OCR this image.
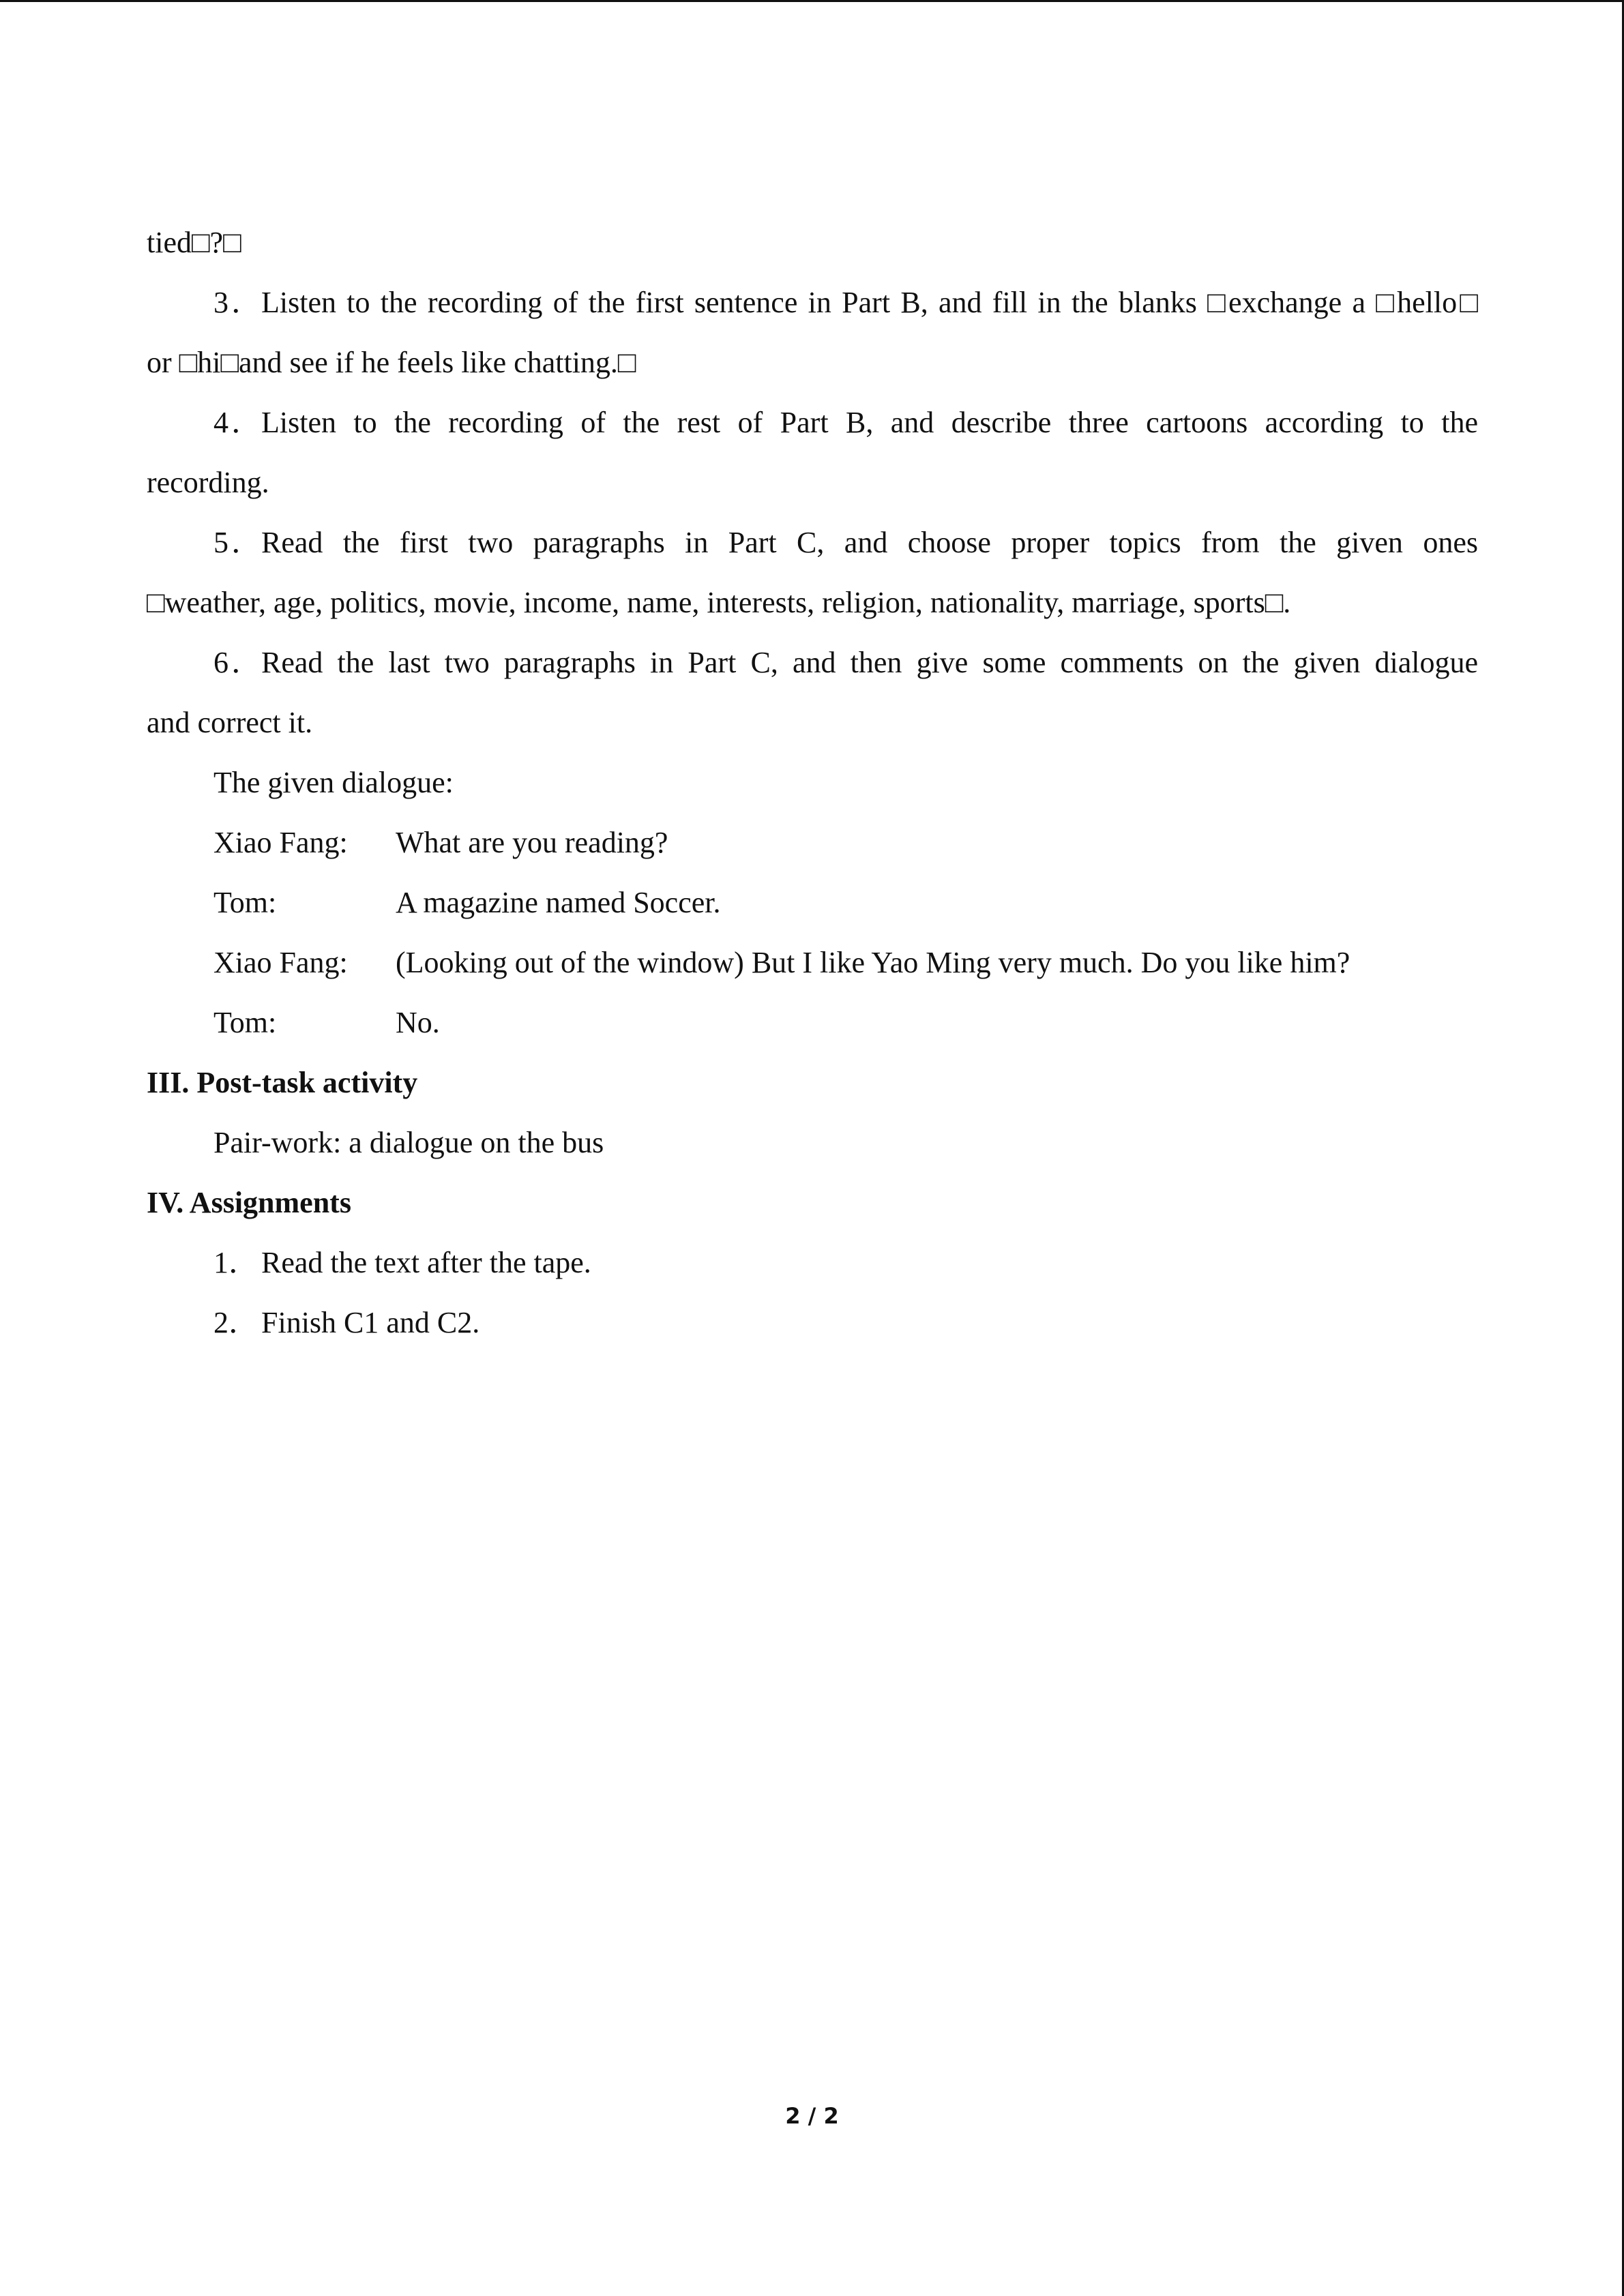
tied□?□

3．Listen to the recording of the first sentence in Part B, and fill in the blanks □exchange a □hello□

or □hi□and see if he feels like chatting.□

4．Listen to the recording of the rest of Part B, and describe three cartoons according to the

recording.

5．Read the first two paragraphs in Part C, and choose proper topics from the given ones

□weather, age, politics, movie, income, name, interests, religion, nationality, marriage, sports□.

6．Read the last two paragraphs in Part C, and then give some comments on the given dialogue

and correct it.

The given dialogue:

Xiao Fang: What are you reading?

Tom:	A magazine named Soccer.

Xiao Fang: (Looking out of the window) But I like Yao Ming very much. Do you like him?

Tom:	No.

III. Post-task activity

Pair-work: a dialogue on the bus

IV. Assignments

1．Read the text after the tape.

2．Finish C1 and C2.

2 / 2
